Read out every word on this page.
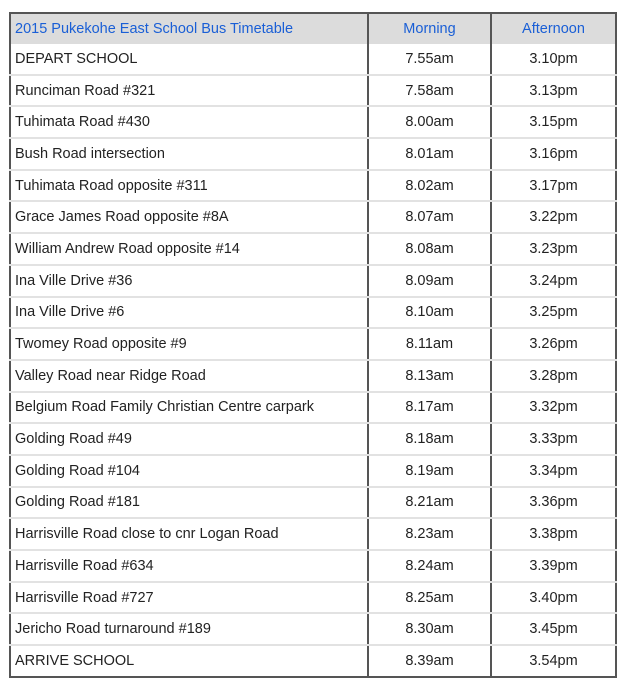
2015 Pukekohe East School Bus Timetable	Morning	Afternoon
DEPART SCHOOL	7.55am	3.10pm
Runciman Road #321	7.58am	3.13pm
Tuhimata Road #430	8.00am	3.15pm
Bush Road intersection	8.01am	3.16pm
Tuhimata Road opposite #311	8.02am	3.17pm
Grace James Road opposite #8A	8.07am	3.22pm
William Andrew Road opposite #14	8.08am	3.23pm
Ina Ville Drive #36	8.09am	3.24pm
Ina Ville Drive #6	8.10am	3.25pm
Twomey Road opposite #9	8.11am	3.26pm
Valley Road near Ridge Road	8.13am	3.28pm
Belgium Road Family Christian Centre carpark	8.17am	3.32pm
Golding Road #49	8.18am	3.33pm
Golding Road #104	8.19am	3.34pm
Golding Road #181	8.21am	3.36pm
Harrisville Road close to cnr Logan Road	8.23am	3.38pm
Harrisville Road #634	8.24am	3.39pm
Harrisville Road #727	8.25am	3.40pm
Jericho Road turnaround #189	8.30am	3.45pm
ARRIVE SCHOOL	8.39am	3.54pm
